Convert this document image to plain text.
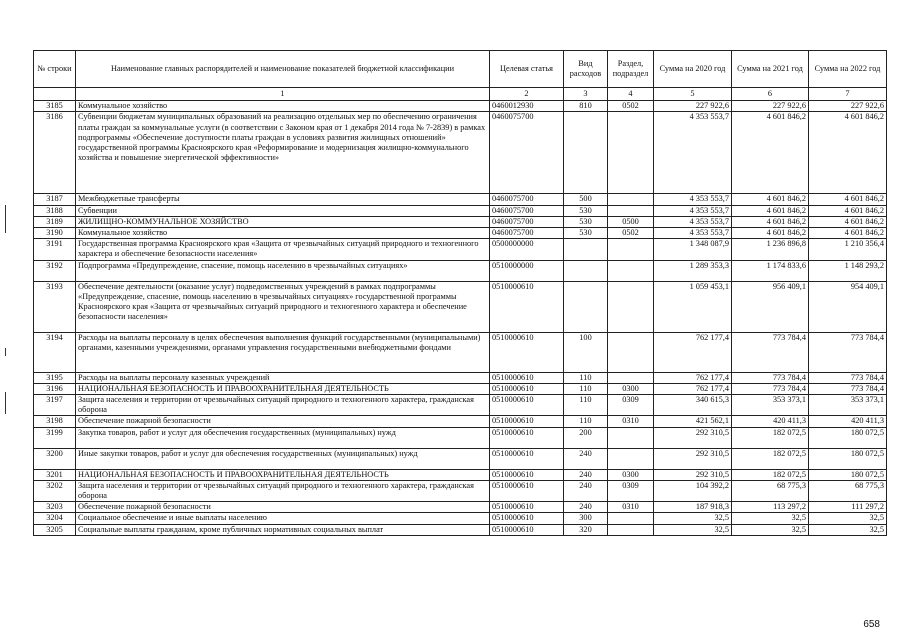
№ строки	Наименование главных распорядителей и наименование показателей бюджетной классификации	Целевая статья	Вид расходов	Раздел, подраздел	Сумма на 2020 год	Сумма на 2021 год	Сумма на 2022 год
	1	2	3	4	5	6	7
3185	Коммунальное хозяйство	0460012930	810	0502	227 922,6	227 922,6	227 922,6
3186	Субвенции бюджетам муниципальных образований на реализацию отдельных мер по обеспечению ограничения платы граждан за коммунальные услуги (в соответствии с Законом края от 1 декабря 2014 года № 7-2839) в рамках подпрограммы «Обеспечение доступности платы граждан в условиях развития жилищных отношений» государственной программы Красноярского края «Реформирование и модернизация жилищно-коммунального хозяйства и повышение энергетической эффективности»	0460075700			4 353 553,7	4 601 846,2	4 601 846,2
3187	Межбюджетные трансферты	0460075700	500		4 353 553,7	4 601 846,2	4 601 846,2
3188	Субвенции	0460075700	530		4 353 553,7	4 601 846,2	4 601 846,2
3189	ЖИЛИЩНО-КОММУНАЛЬНОЕ ХОЗЯЙСТВО	0460075700	530	0500	4 353 553,7	4 601 846,2	4 601 846,2
3190	Коммунальное хозяйство	0460075700	530	0502	4 353 553,7	4 601 846,2	4 601 846,2
3191	Государственная программа Красноярского края «Защита от чрезвычайных ситуаций природного и техногенного характера и обеспечение безопасности населения»	0500000000			1 348 087,9	1 236 896,8	1 210 356,4
3192	Подпрограмма «Предупреждение, спасение, помощь населению в чрезвычайных ситуациях»	0510000000			1 289 353,3	1 174 833,6	1 148 293,2
3193	Обеспечение деятельности (оказание услуг) подведомственных учреждений в рамках подпрограммы «Предупреждение, спасение, помощь населению в чрезвычайных ситуациях» государственной программы Красноярского края «Защита от чрезвычайных ситуаций природного и техногенного характера и обеспечение безопасности населения»	0510000610			1 059 453,1	956 409,1	954 409,1
3194	Расходы на выплаты персоналу в целях обеспечения выполнения функций государственными (муниципальными) органами, казенными учреждениями, органами управления государственными внебюджетными фондами	0510000610	100		762 177,4	773 784,4	773 784,4
3195	Расходы на выплаты персоналу казенных учреждений	0510000610	110		762 177,4	773 784,4	773 784,4
3196	НАЦИОНАЛЬНАЯ БЕЗОПАСНОСТЬ И ПРАВООХРАНИТЕЛЬНАЯ ДЕЯТЕЛЬНОСТЬ	0510000610	110	0300	762 177,4	773 784,4	773 784,4
3197	Защита населения и территории от чрезвычайных ситуаций природного и техногенного характера, гражданская оборона	0510000610	110	0309	340 615,3	353 373,1	353 373,1
3198	Обеспечение пожарной безопасности	0510000610	110	0310	421 562,1	420 411,3	420 411,3
3199	Закупка товаров, работ и услуг для обеспечения государственных (муниципальных) нужд	0510000610	200		292 310,5	182 072,5	180 072,5
3200	Иные закупки товаров, работ и услуг для обеспечения государственных (муниципальных) нужд	0510000610	240		292 310,5	182 072,5	180 072,5
3201	НАЦИОНАЛЬНАЯ БЕЗОПАСНОСТЬ И ПРАВООХРАНИТЕЛЬНАЯ ДЕЯТЕЛЬНОСТЬ	0510000610	240	0300	292 310,5	182 072,5	180 072,5
3202	Защита населения и территории от чрезвычайных ситуаций природного и техногенного характера, гражданская оборона	0510000610	240	0309	104 392,2	68 775,3	68 775,3
3203	Обеспечение пожарной безопасности	0510000610	240	0310	187 918,3	113 297,2	111 297,2
3204	Социальное обеспечение и иные выплаты населению	0510000610	300		32,5	32,5	32,5
3205	Социальные выплаты гражданам, кроме публичных нормативных социальных выплат	0510000610	320		32,5	32,5	32,5
658
